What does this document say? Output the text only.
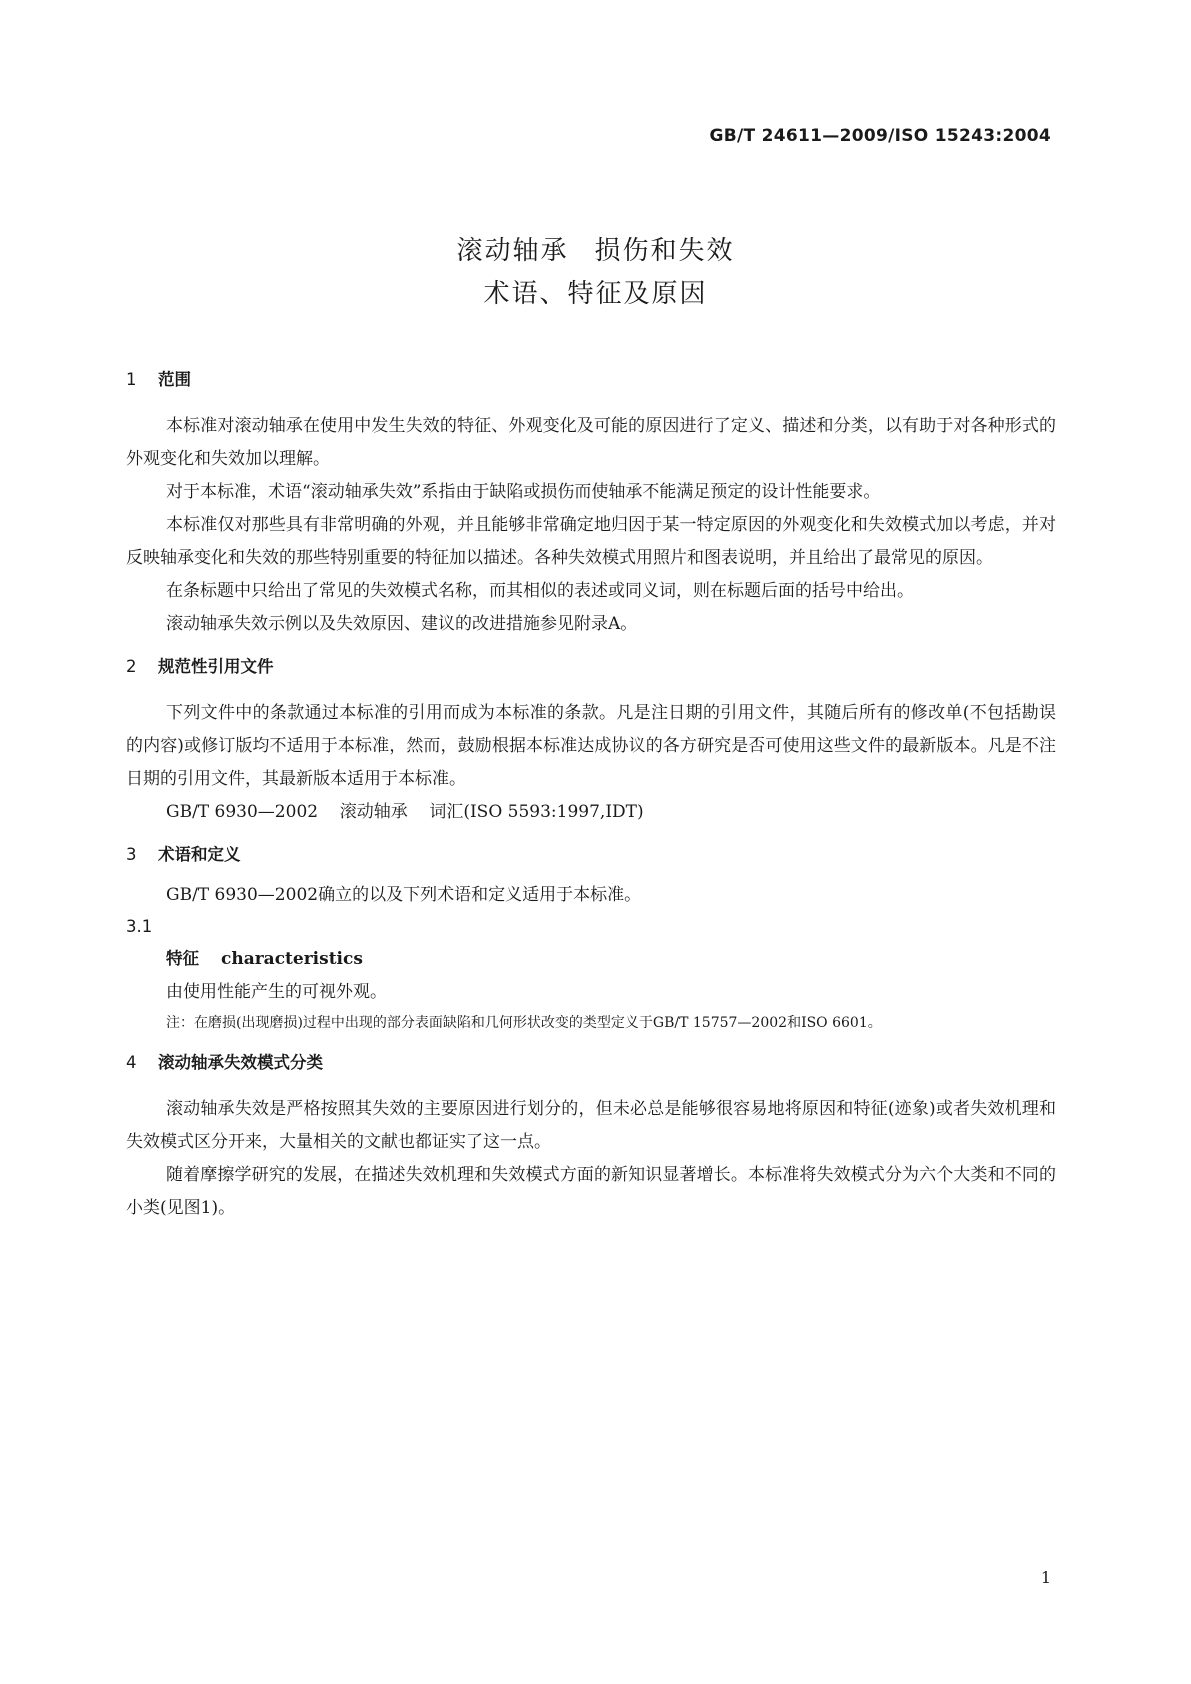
GB/T 24611—2009/ISO 15243:2004
滚动轴承 损伤和失效
术语、特征及原因
1 范围

本标准对滚动轴承在使用中发生失效的特征、外观变化及可能的原因进行了定义、描述和分类，以有助于对各种形式的外观变化和失效加以理解。

对于本标准，术语“滚动轴承失效”系指由于缺陷或损伤而使轴承不能满足预定的设计性能要求。

本标准仅对那些具有非常明确的外观，并且能够非常确定地归因于某一特定原因的外观变化和失效模式加以考虑，并对反映轴承变化和失效的那些特别重要的特征加以描述。各种失效模式用照片和图表说明，并且给出了最常见的原因。

在条标题中只给出了常见的失效模式名称，而其相似的表述或同义词，则在标题后面的括号中给出。

滚动轴承失效示例以及失效原因、建议的改进措施参见附录A。

2 规范性引用文件

下列文件中的条款通过本标准的引用而成为本标准的条款。凡是注日期的引用文件，其随后所有的修改单(不包括勘误的内容)或修订版均不适用于本标准，然而，鼓励根据本标准达成协议的各方研究是否可使用这些文件的最新版本。凡是不注日期的引用文件，其最新版本适用于本标准。

GB/T 6930—2002 滚动轴承 词汇(ISO 5593:1997,IDT)

3 术语和定义

GB/T 6930—2002确立的以及下列术语和定义适用于本标准。

3.1

特征 characteristics

由使用性能产生的可视外观。

注：在磨损(出现磨损)过程中出现的部分表面缺陷和几何形状改变的类型定义于GB/T 15757—2002和ISO 6601。

4 滚动轴承失效模式分类

滚动轴承失效是严格按照其失效的主要原因进行划分的，但未必总是能够很容易地将原因和特征(迹象)或者失效机理和失效模式区分开来，大量相关的文献也都证实了这一点。

随着摩擦学研究的发展，在描述失效机理和失效模式方面的新知识显著增长。本标准将失效模式分为六个大类和不同的小类(见图1)。

1
